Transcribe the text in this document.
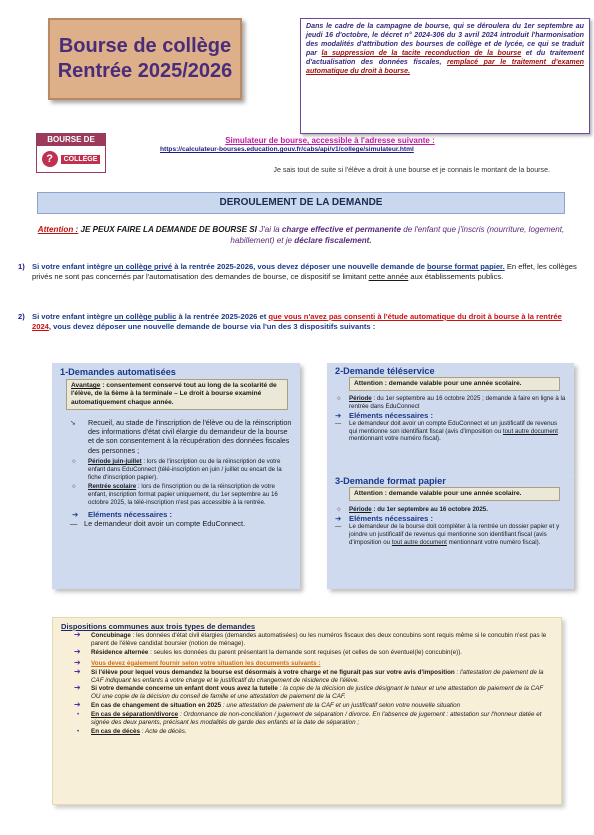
Bourse de collège
Rentrée 2025/2026
Dans le cadre de la campagne de bourse, qui se déroulera du 1er septembre au jeudi 16 d'octobre, le décret n° 2024-306 du 3 avril 2024 introduit l'harmonisation des modalités d'attribution des bourses de collège et de lycée, ce qui se traduit par la suppression de la tacite reconduction de la bourse et du traitement d'actualisation des données fiscales, remplacé par le traitement d'examen automatique du droit à bourse.
BOURSE DE
?	COLLÈGE
Simulateur de bourse, accessible à l'adresse suivante :
https://calculateur-bourses.education.gouv.fr/cabs/api/v1/college/simulateur.html
Je sais tout de suite si l'élève a droit à une bourse et je connais le montant de la bourse.
DEROULEMENT DE LA DEMANDE
Attention : JE PEUX FAIRE LA DEMANDE DE BOURSE SI J'ai la charge effective et permanente de l'enfant que j'inscris (nourriture, logement, habillement) et je déclare fiscalement.
1) Si votre enfant intègre un collège privé à la rentrée 2025-2026, vous devez déposer une nouvelle demande de bourse format papier. En effet, les collèges privés ne sont pas concernés par l'automatisation des demandes de bourse, ce dispositif se limitant cette année aux établissements publics.
2) Si votre enfant intègre un collège public à la rentrée 2025-2026 et que vous n'avez pas consenti à l'étude automatique du droit à bourse à la rentrée 2024, vous devez déposer une nouvelle demande de bourse via l'un des 3 dispositifs suivants :
1-Demandes automatisées
Avantage : consentement conservé tout au long de la scolarité de l'élève, de la 6ème à la terminale – Le droit à bourse examiné automatiquement chaque année.
➘ Recueil, au stade de l'inscription de l'élève ou de la réinscription des informations d'état civil élargie du demandeur de la bourse et de son consentement à la récupération des données fiscales des personnes ;
○ Période juin-juillet : lors de l'inscription ou de la réinscription de votre enfant dans EduConnect (télé-inscription en juin / juillet ou encart de la fiche d'inscription papier).
○ Rentrée scolaire : lors de l'inscription ou de la réinscription de votre enfant, inscription format papier uniquement, du 1er septembre au 16 octobre 2025, la télé-inscription n'est pas accessible à la rentrée.
➔ Eléments nécessaires :
— Le demandeur doit avoir un compte EduConnect.
2-Demande téléservice
Attention : demande valable pour une année scolaire.
○ Période : du 1er septembre au 16 octobre 2025 ; demande à faire en ligne à la rentrée dans EduConnect
➔ Eléments nécessaires :
— Le demandeur doit avoir un compte EduConnect et un justificatif de revenus qui mentionne son identifiant fiscal (avis d'imposition ou tout autre document mentionnant votre numéro fiscal).
3-Demande format papier
Attention : demande valable pour une année scolaire.
○ Période : du 1er septembre au 16 octobre 2025.
➔ Eléments nécessaires :
— Le demandeur de la bourse doit compléter à la rentrée un dossier papier et y joindre un justificatif de revenus qui mentionne son identifiant fiscal (avis d'imposition ou tout autre document mentionnant votre numéro fiscal).
Dispositions communes aux trois types de demandes
➔ Concubinage : les données d'état civil élargies (demandes automatisées) ou les numéros fiscaux des deux concubins sont requis même si le concubin n'est pas le parent de l'élève candidat boursier (notion de ménage).
➔ Résidence alternée : seules les données du parent présentant la demande sont requises (et celles de son éventuel(le) concubin(e)).
➔ Vous devez également fournir selon votre situation les documents suivants :
➔ Si l'élève pour lequel vous demandez la bourse est désormais à votre charge et ne figurait pas sur votre avis d'imposition : l'attestation de paiement de la CAF indiquant les enfants à votre charge et le justificatif du changement de résidence de l'élève.
➔ Si votre demande concerne un enfant dont vous avez la tutelle : la copie de la décision de justice désignant le tuteur et une attestation de paiement de la CAF OU une copie de la décision du conseil de famille et une attestation de paiement de la CAF.
➔ En cas de changement de situation en 2025 : une attestation de paiement de la CAF et un justificatif selon votre nouvelle situation
• En cas de séparation/divorce : Ordonnance de non-conciliation / jugement de séparation / divorce. En l'absence de jugement : attestation sur l'honneur datée et signée des deux parents, précisant les modalités de garde des enfants et la date de séparation ;
• En cas de décès : Acte de décès.
